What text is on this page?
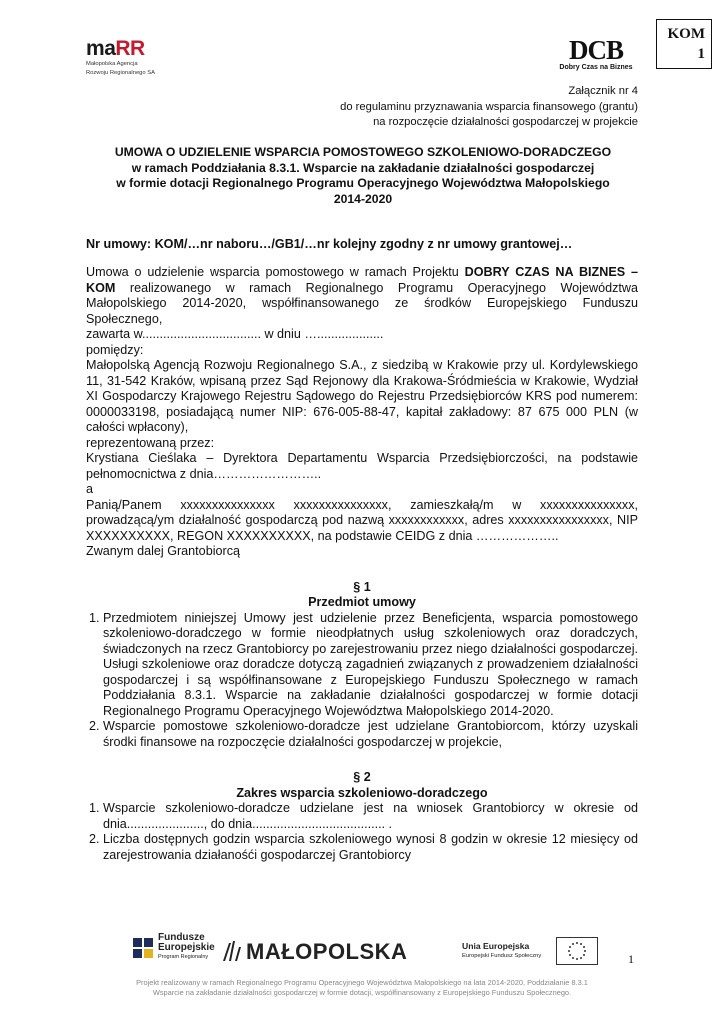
KOM
1
maRR
Małopolska Agencja
Rozwoju Regionalnego SA
DCB
Dobry Czas na Biznes
Załącznik nr 4
do regulaminu przyznawania wsparcia finansowego (grantu)
na rozpoczęcie działalności gospodarczej w projekcie
UMOWA O UDZIELENIE WSPARCIA POMOSTOWEGO SZKOLENIOWO-DORADCZEGO
w ramach Poddziałania 8.3.1. Wsparcie na zakładanie działalności gospodarczej
w formie dotacji Regionalnego Programu Operacyjnego Województwa Małopolskiego
2014-2020
Nr umowy: KOM/…nr naboru…/GB1/…nr kolejny zgodny z nr umowy grantowej…

Umowa o udzielenie wsparcia pomostowego w ramach Projektu DOBRY CZAS NA BIZNES – KOM realizowanego w ramach Regionalnego Programu Operacyjnego Województwa Małopolskiego 2014-2020, współfinansowanego ze środków Europejskiego Funduszu Społecznego,

zawarta w.................................. w dniu …...................

pomiędzy:

Małopolską Agencją Rozwoju Regionalnego S.A., z siedzibą w Krakowie przy ul. Kordylewskiego 11, 31-542 Kraków, wpisaną przez Sąd Rejonowy dla Krakowa-Śródmieścia w Krakowie, Wydział XI Gospodarczy Krajowego Rejestru Sądowego do Rejestru Przedsiębiorców KRS pod numerem: 0000033198, posiadającą numer NIP: 676-005-88-47, kapitał zakładowy: 87 675 000 PLN (w całości wpłacony),

reprezentowaną przez:

Krystiana Cieślaka – Dyrektora Departamentu Wsparcia Przedsiębiorczości, na podstawie pełnomocnictwa z dnia……………………..

a

Panią/Panem xxxxxxxxxxxxxxx xxxxxxxxxxxxxxx, zamieszkałą/m w xxxxxxxxxxxxxxx, prowadzącą/ym działalność gospodarczą pod nazwą xxxxxxxxxxxx, adres xxxxxxxxxxxxxxxx, NIP XXXXXXXXXX, REGON XXXXXXXXXX, na podstawie CEIDG z dnia ………………..

Zwanym dalej Grantobiorcą

§ 1
Przedmiot umowy
1. Przedmiotem niniejszej Umowy jest udzielenie przez Beneficjenta, wsparcia pomostowego szkoleniowo-doradczego w formie nieodpłatnych usług szkoleniowych oraz doradczych, świadczonych na rzecz Grantobiorcy po zarejestrowaniu przez niego działalności gospodarczej. Usługi szkoleniowe oraz doradcze dotyczą zagadnień związanych z prowadzeniem działalności gospodarczej i są współfinansowane z Europejskiego Funduszu Społecznego w ramach Poddziałania 8.3.1. Wsparcie na zakładanie działalności gospodarczej w formie dotacji Regionalnego Programu Operacyjnego Województwa Małopolskiego 2014-2020.
2. Wsparcie pomostowe szkoleniowo-doradcze jest udzielane Grantobiorcom, którzy uzyskali środki finansowe na rozpoczęcie działalności gospodarczej w projekcie,
§ 2
Zakres wsparcia szkoleniowo-doradczego
1. Wsparcie szkoleniowo-doradcze udzielane jest na wniosek Grantobiorcy w okresie od dnia......................, do dnia...................................... .
2. Liczba dostępnych godzin wsparcia szkoleniowego wynosi 8 godzin w okresie 12 miesięcy od zarejestrowania działanośći gospodarczej Grantobiorcy
Fundusze
Europejskie
Program Regionalny	MAŁOPOLSKA	Unia Europejska
Europejski Fundusz Społeczny	1
Projekt realizowany w ramach Regionalnego Programu Operacyjnego Województwa Małopolskiego na lata 2014-2020, Poddziałanie 8.3.1
Wsparcie na zakładanie działalności gospodarczej w formie dotacji, współfinansowany z Europejskiego Funduszu Społecznego.
